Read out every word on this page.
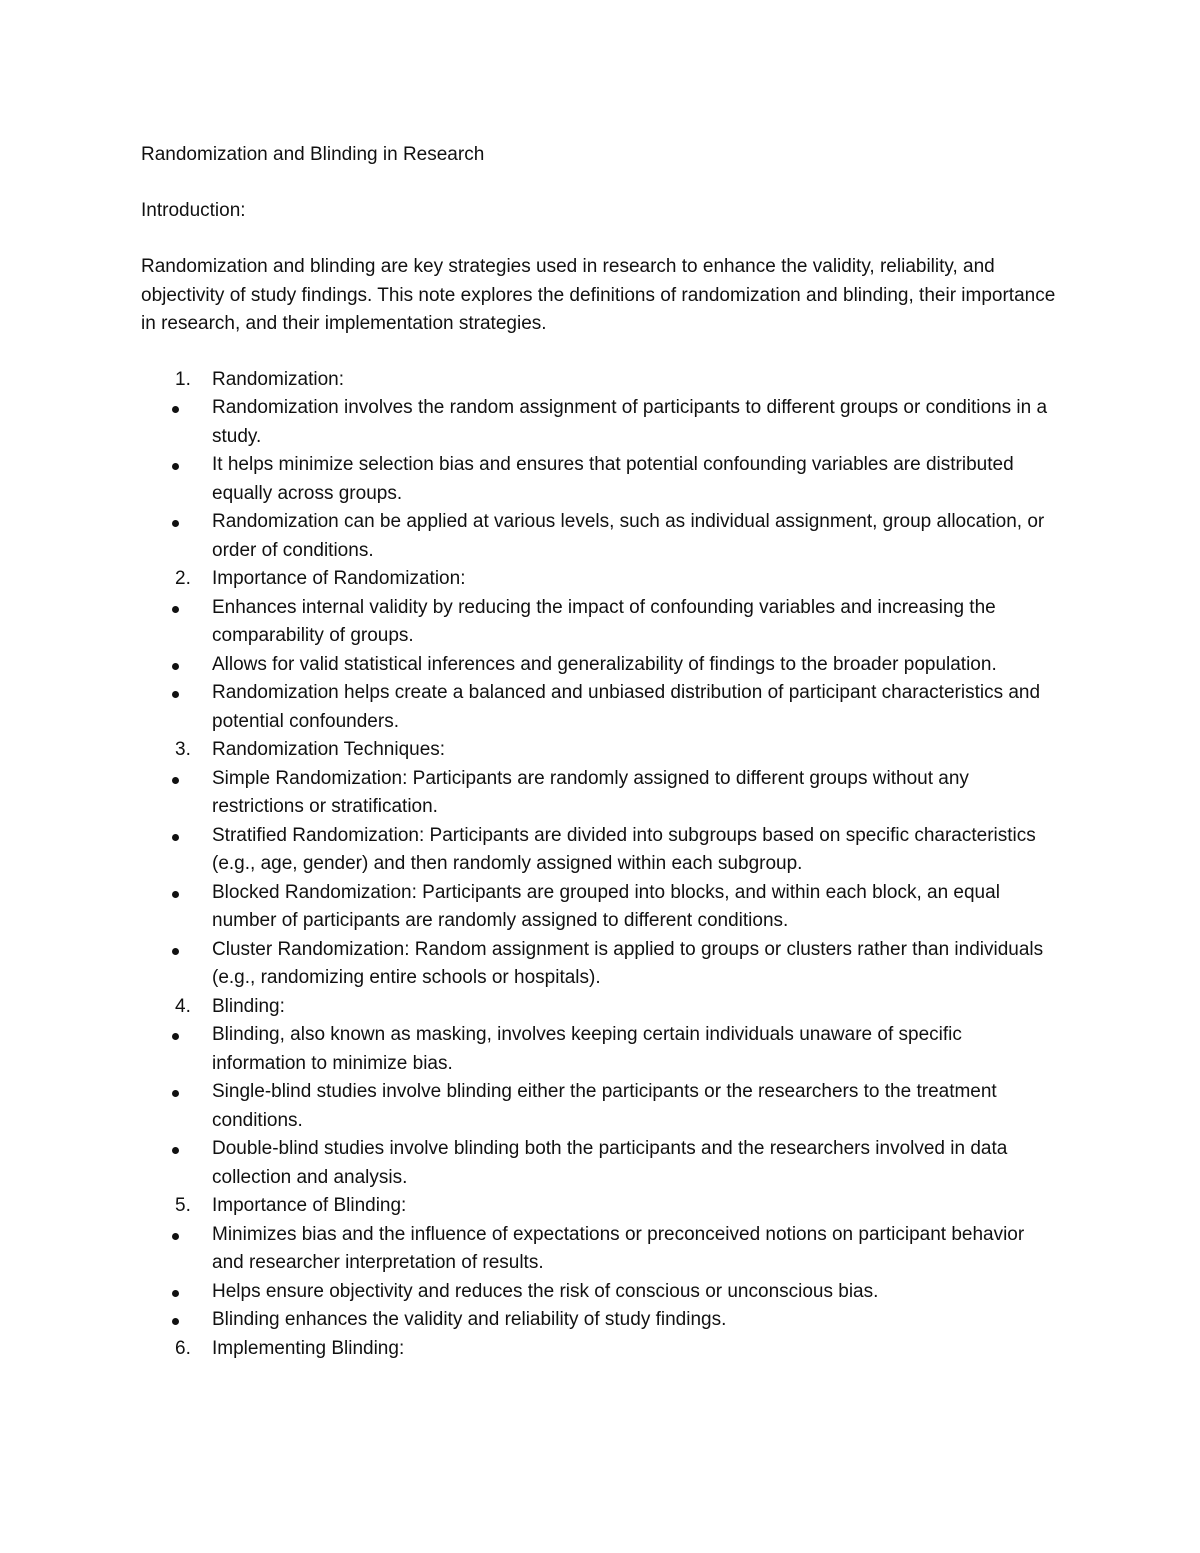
Randomization and Blinding in Research
Introduction:

Randomization and blinding are key strategies used in research to enhance the validity, reliability, and objectivity of study findings. This note explores the definitions of randomization and blinding, their importance in research, and their implementation strategies.

1. Randomization:
Randomization involves the random assignment of participants to different groups or conditions in a study.
It helps minimize selection bias and ensures that potential confounding variables are distributed equally across groups.
Randomization can be applied at various levels, such as individual assignment, group allocation, or order of conditions.
2. Importance of Randomization:
Enhances internal validity by reducing the impact of confounding variables and increasing the comparability of groups.
Allows for valid statistical inferences and generalizability of findings to the broader population.
Randomization helps create a balanced and unbiased distribution of participant characteristics and potential confounders.
3. Randomization Techniques:
Simple Randomization: Participants are randomly assigned to different groups without any restrictions or stratification.
Stratified Randomization: Participants are divided into subgroups based on specific characteristics (e.g., age, gender) and then randomly assigned within each subgroup.
Blocked Randomization: Participants are grouped into blocks, and within each block, an equal number of participants are randomly assigned to different conditions.
Cluster Randomization: Random assignment is applied to groups or clusters rather than individuals (e.g., randomizing entire schools or hospitals).
4. Blinding:
Blinding, also known as masking, involves keeping certain individuals unaware of specific information to minimize bias.
Single-blind studies involve blinding either the participants or the researchers to the treatment conditions.
Double-blind studies involve blinding both the participants and the researchers involved in data collection and analysis.
5. Importance of Blinding:
Minimizes bias and the influence of expectations or preconceived notions on participant behavior and researcher interpretation of results.
Helps ensure objectivity and reduces the risk of conscious or unconscious bias.
Blinding enhances the validity and reliability of study findings.
6. Implementing Blinding:
